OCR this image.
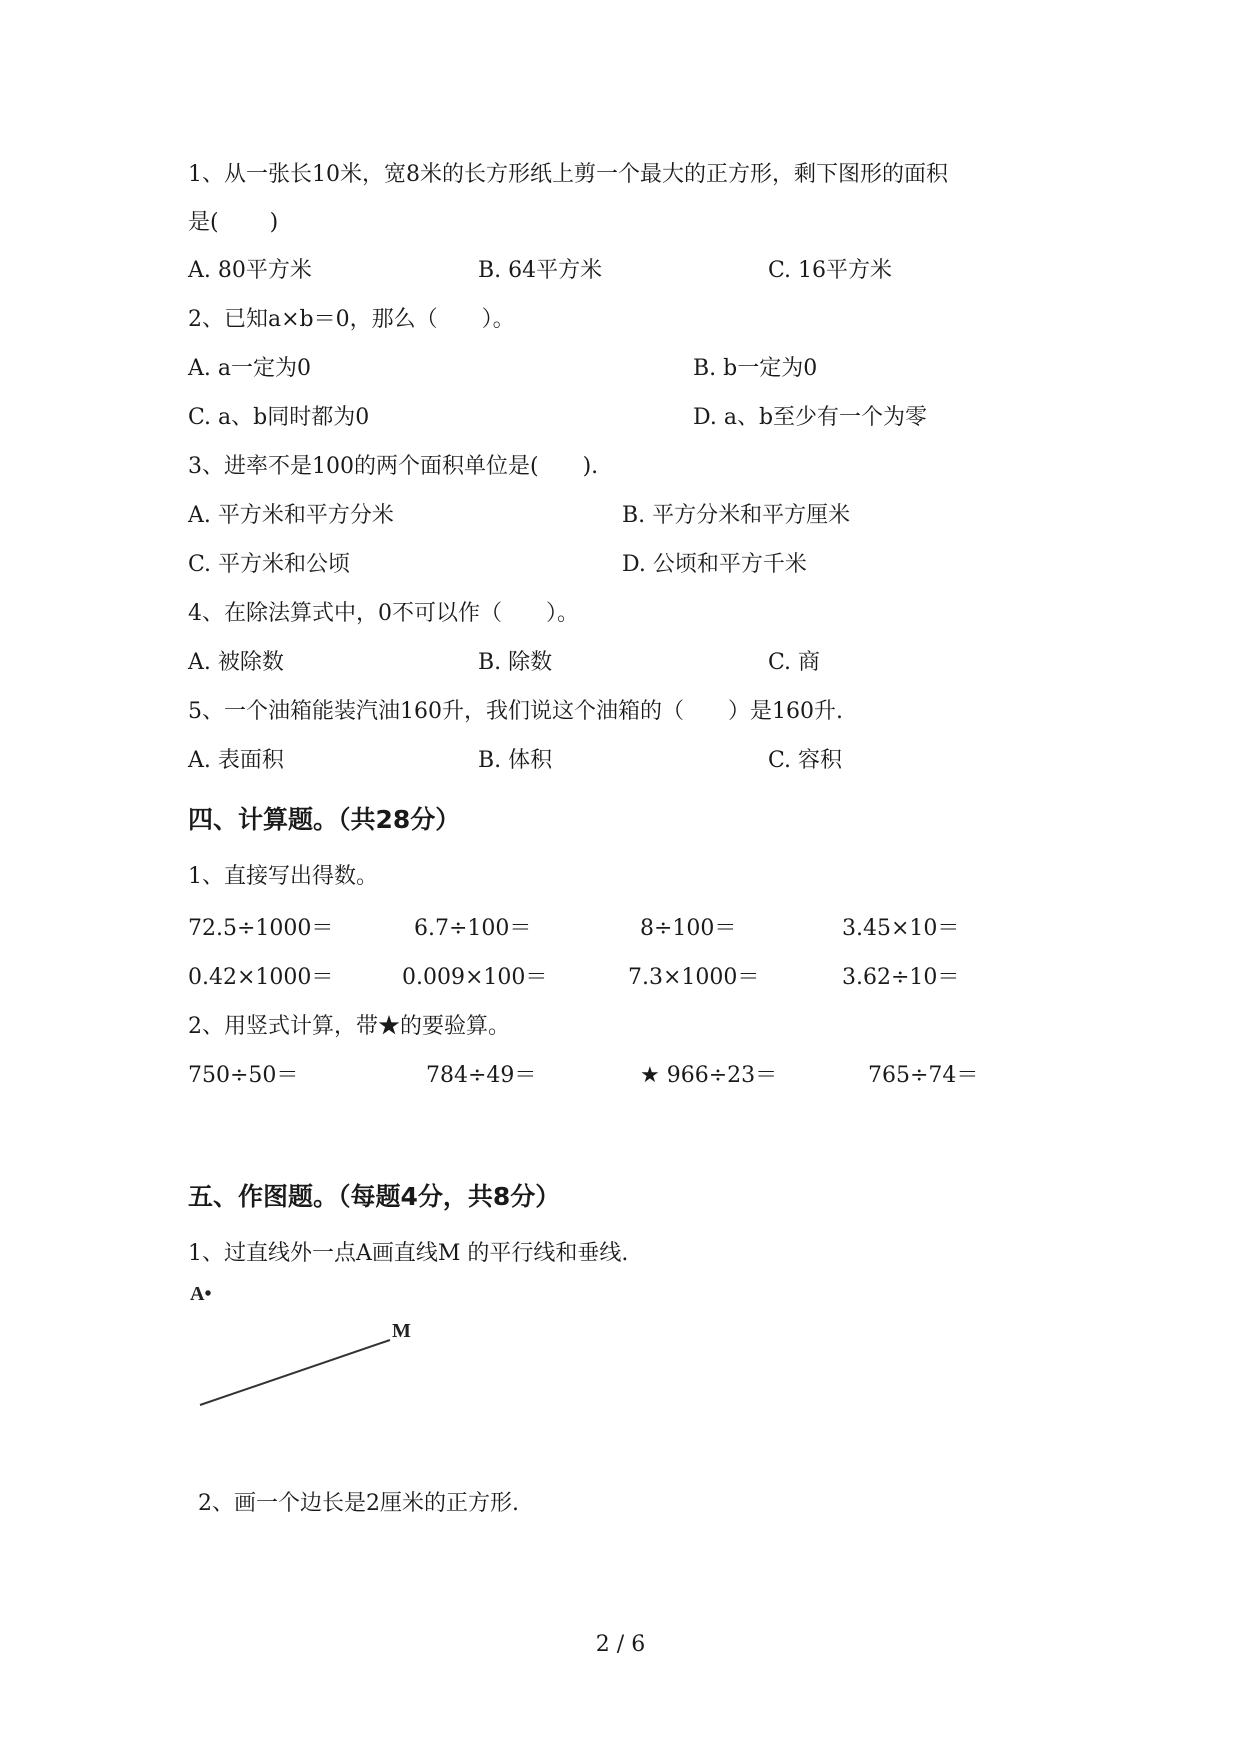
1、从一张长10米，宽8米的长方形纸上剪一个最大的正方形，剩下图形的面积
是(　　 )
A. 80平方米	B. 64平方米	C. 16平方米
2、已知a×b＝0，那么（　　）。
A. a一定为0	B. b一定为0
C. a、b同时都为0	D. a、b至少有一个为零
3、进率不是100的两个面积单位是(　　).
A. 平方米和平方分米	B. 平方分米和平方厘米
C. 平方米和公顷	D. 公顷和平方千米
4、在除法算式中，0不可以作（　　）。
A. 被除数	B. 除数	C. 商
5、一个油箱能装汽油160升，我们说这个油箱的（　　）是160升.
A. 表面积	B. 体积	C. 容积
四、计算题。（共28分）
1、直接写出得数。
72.5÷1000＝	6.7÷100＝	8÷100＝	3.45×10＝
0.42×1000＝	0.009×100＝	7.3×1000＝	3.62÷10＝
2、用竖式计算，带★的要验算。
750÷50＝	784÷49＝	★ 966÷23＝	765÷74＝
五、作图题。（每题4分，共8分）
1、过直线外一点A画直线M 的平行线和垂线.
A•
M
2、画一个边长是2厘米的正方形.
2 / 6
